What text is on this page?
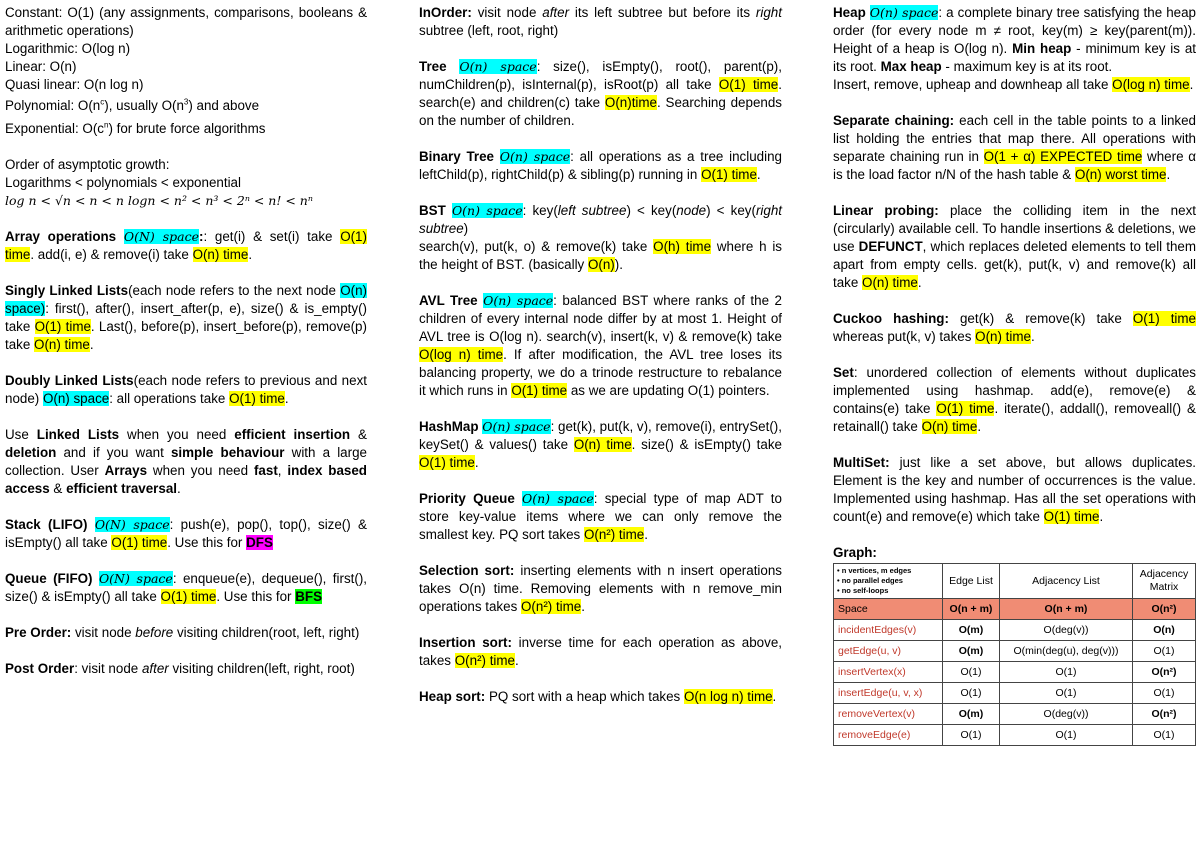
Constant: O(1) (any assignments, comparisons, booleans & arithmetic operations)

Logarithmic: O(log n)

Linear: O(n)

Quasi linear: O(n log n)

Polynomial: $O(n^c)$, usually $O(n^3)$ and above

Exponential: $O(c^n)$ for brute force algorithms

Order of asymptotic growth:

Logarithms < polynomials < exponential

log n < √n < n < n logn < n² < n³ < 2ⁿ < n! < nⁿ

Array operations O(N) space:: get(i) & set(i) take O(1) time. add(i, e) & remove(i) take O(n) time.

Singly Linked Lists(each node refers to the next node O(n) space): first(), after(), insert_after(p, e), size() & is_empty() take O(1) time. Last(), before(p), insert_before(p), remove(p) take O(n) time.

Doubly Linked Lists(each node refers to previous and next node) O(n) space: all operations take O(1) time.

Use Linked Lists when you need efficient insertion & deletion and if you want simple behaviour with a large collection. User Arrays when you need fast, index based access & efficient traversal.

Stack (LIFO) O(N) space: push(e), pop(), top(), size() & isEmpty() all take O(1) time. Use this for DFS

Queue (FIFO) O(N) space: enqueue(e), dequeue(), first(), size() & isEmpty() all take O(1) time. Use this for BFS

Pre Order: visit node before visiting children(root, left, right)

Post Order: visit node after visiting children(left, right, root)

InOrder: visit node after its left subtree but before its right subtree (left, root, right)

Tree O(n) space: size(), isEmpty(), root(), parent(p), numChildren(p), isInternal(p), isRoot(p) all take O(1) time. search(e) and children(c) take O(n)time. Searching depends on the number of children.

Binary Tree O(n) space: all operations as a tree including leftChild(p), rightChild(p) & sibling(p) running in O(1) time.

BST O(n) space: key(left subtree) < key(node) < key(right subtree)
search(v), put(k, o) & remove(k) take O(h) time where h is the height of BST. (basically O(n)).

AVL Tree O(n) space: balanced BST where ranks of the 2 children of every internal node differ by at most 1. Height of AVL tree is O(log n). search(v), insert(k, v) & remove(k) take O(log n) time. If after modification, the AVL tree loses its balancing property, we do a trinode restructure to rebalance it which runs in O(1) time as we are updating O(1) pointers.

HashMap O(n) space: get(k), put(k, v), remove(i), entrySet(), keySet() & values() take O(n) time. size() & isEmpty() take O(1) time.

Priority Queue O(n) space: special type of map ADT to store key-value items where we can only remove the smallest key. PQ sort takes O(n²) time.

Selection sort: inserting elements with n insert operations takes O(n) time. Removing elements with n remove_min operations takes O(n²) time.

Insertion sort: inverse time for each operation as above, takes O(n²) time.

Heap sort: PQ sort with a heap which takes O(n log n) time.

Heap O(n) space: a complete binary tree satisfying the heap order (for every node m ≠ root, key(m) ≥ key(parent(m)). Height of a heap is O(log n). Min heap - minimum key is at its root. Max heap - maximum key is at its root.
Insert, remove, upheap and downheap all take O(log n) time.

Separate chaining: each cell in the table points to a linked list holding the entries that map there. All operations with separate chaining run in O(1 + α) EXPECTED time where α is the load factor n/N of the hash table & O(n) worst time.

Linear probing: place the colliding item in the next (circularly) available cell. To handle insertions & deletions, we use DEFUNCT, which replaces deleted elements to tell them apart from empty cells. get(k), put(k, v) and remove(k) all take O(n) time.

Cuckoo hashing: get(k) & remove(k) take O(1) time whereas put(k, v) takes O(n) time.

Set: unordered collection of elements without duplicates implemented using hashmap. add(e), remove(e) & contains(e) take O(1) time. iterate(), addall(), removeall() & retainall() take O(n) time.

MultiSet: just like a set above, but allows duplicates. Element is the key and number of occurrences is the value. Implemented using hashmap. Has all the set operations with count(e) and remove(e) which take O(1) time.

Graph:
• n vertices, m edges
• no parallel edges
• no self-loops	Edge List	Adjacency List	Adjacency Matrix
Space	O(n + m)	O(n + m)	O(n²)
incidentEdges(v)	O(m)	O(deg(v))	O(n)
getEdge(u, v)	O(m)	O(min(deg(u), deg(v)))	O(1)
insertVertex(x)	O(1)	O(1)	O(n²)
insertEdge(u, v, x)	O(1)	O(1)	O(1)
removeVertex(v)	O(m)	O(deg(v))	O(n²)
removeEdge(e)	O(1)	O(1)	O(1)
